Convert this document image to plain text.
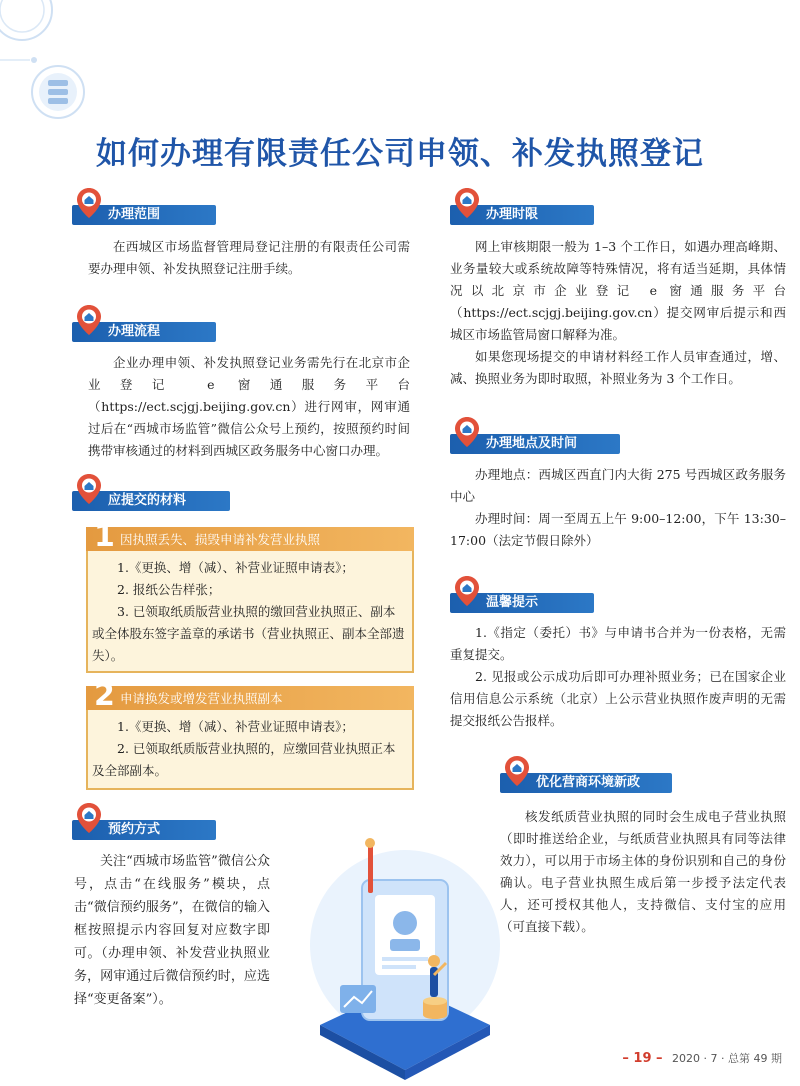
如何办理有限责任公司申领、补发执照登记
办理范围

在西城区市场监督管理局登记注册的有限责任公司需要办理申领、补发执照登记注册手续。

办理流程

企业办理申领、补发执照登记业务需先行在北京市企业登记 e 窗通服务平台（https://ect.scjgj.beijing.gov.cn）进行网审，网审通过后在“西城市场监管”微信公众号上预约，按照预约时间携带审核通过的材料到西城区政务服务中心窗口办理。

应提交的材料
1 因执照丢失、损毁申请补发营业执照

1.《更换、增（减）、补营业证照申请表》；

2. 报纸公告样张；

3. 已领取纸质版营业执照的缴回营业执照正、副本或全体股东签字盖章的承诺书（营业执照正、副本全部遗失）。

2 申请换发或增发营业执照副本

1.《更换、增（减）、补营业证照申请表》；

2. 已领取纸质版营业执照的，应缴回营业执照正本及全部副本。

预约方式

关注“西城市场监管”微信公众号，点击“在线服务”模块，点击“微信预约服务”，在微信的输入框按照提示内容回复对应数字即可。（办理申领、补发营业执照业务，网审通过后微信预约时，应选择“变更备案”）。

办理时限

网上审核期限一般为 1–3 个工作日，如遇办理高峰期、业务量较大或系统故障等特殊情况，将有适当延期，具体情况以北京市企业登记 e 窗通服务平台（https://ect.scjgj.beijing.gov.cn）提交网审后提示和西城区市场监管局窗口解释为准。

如果您现场提交的申请材料经工作人员审查通过，增、减、换照业务为即时取照，补照业务为 3 个工作日。

办理地点及时间

办理地点：西城区西直门内大街 275 号西城区政务服务中心

办理时间：周一至周五上午 9:00–12:00，下午 13:30–17:00（法定节假日除外）

温馨提示

1.《指定（委托）书》与申请书合并为一份表格，无需重复提交。

2. 见报或公示成功后即可办理补照业务；已在国家企业信用信息公示系统（北京）上公示营业执照作废声明的无需提交报纸公告报样。

优化营商环境新政

核发纸质营业执照的同时会生成电子营业执照（即时推送给企业，与纸质营业执照具有同等法律效力），可以用于市场主体的身份识别和自己的身份确认。电子营业执照生成后第一步授予法定代表人，还可授权其他人，支持微信、支付宝的应用（可直接下载）。

– 19 – 2020 · 7 · 总第 49 期
